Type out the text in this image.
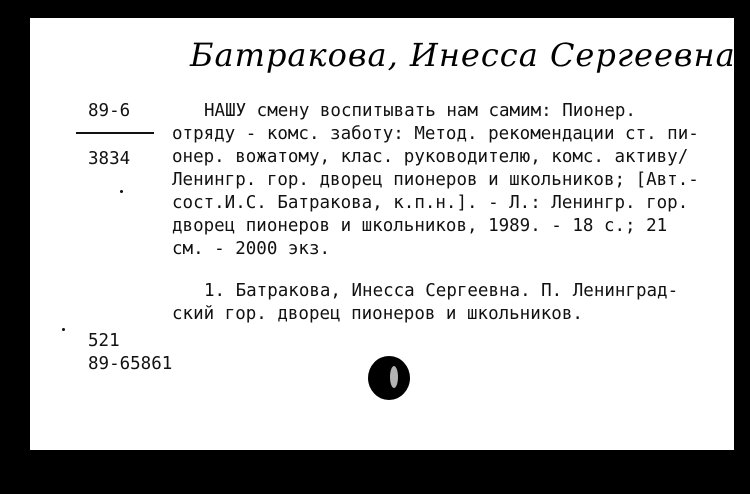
Батракова, Инесса Сергеевна
89-6
3834
НАШУ смену воспитывать нам самим: Пионер.
отряду - комс. заботу: Метод. рекомендации ст. пи-
онер. вожатому, клас. руководителю, комс. активу/
Ленингр. гор. дворец пионеров и школьников; [Авт.-
сост.И.С. Батракова, к.п.н.]. - Л.: Ленингр. гор.
дворец пионеров и школьников, 1989. - 18 с.; 21
см. - 2000 экз.
1. Батракова, Инесса Сергеевна. П. Ленинград-
ский гор. дворец пионеров и школьников.
521
89-65861
